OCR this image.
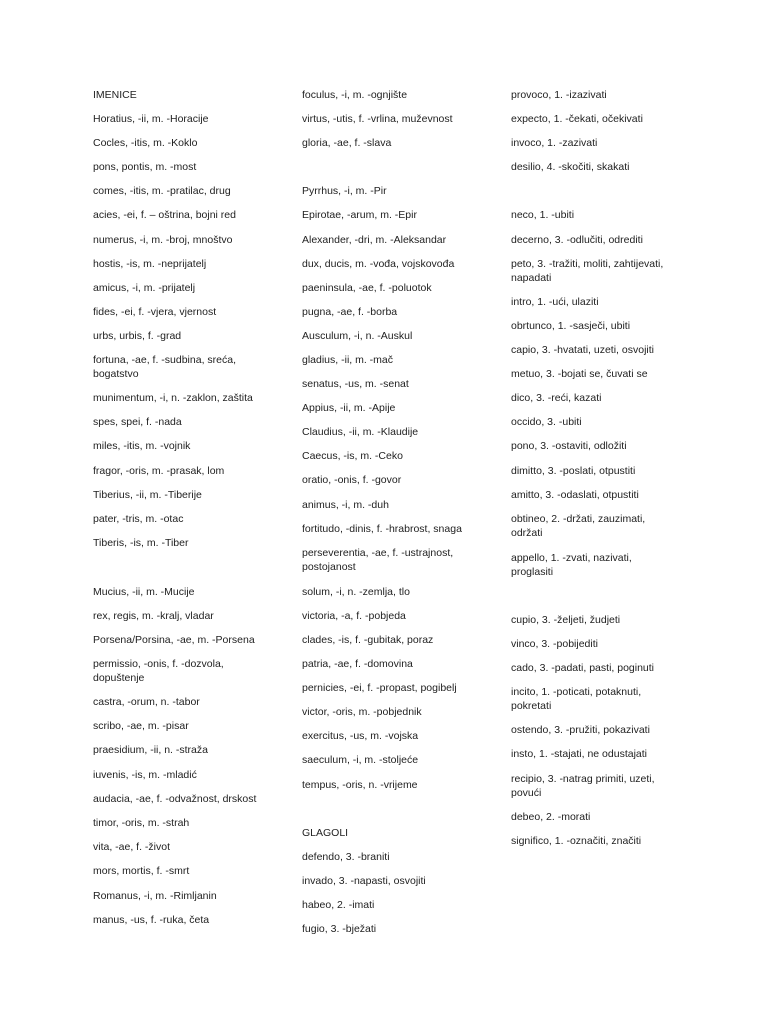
IMENICE
Horatius, -ii, m. -Horacije
Cocles, -itis, m. -Koklo
pons, pontis, m. -most
comes, -itis, m. -pratilac, drug
acies, -ei, f. – oštrina, bojni red
numerus, -i, m. -broj, mnoštvo
hostis, -is, m. -neprijatelj
amicus, -i, m. -prijatelj
fides, -ei, f. -vjera, vjernost
urbs, urbis, f. -grad
fortuna, -ae, f. -sudbina, sreća,
bogatstvo
munimentum, -i, n. -zaklon, zaštita
spes, spei, f. -nada
miles, -itis, m. -vojnik
fragor, -oris, m. -prasak, lom
Tiberius, -ii, m. -Tiberije
pater, -tris, m. -otac
Tiberis, -is, m. -Tiber
Mucius, -ii, m. -Mucije
rex, regis, m. -kralj, vladar
Porsena/Porsina, -ae, m. -Porsena
permissio, -onis, f. -dozvola,
dopuštenje
castra, -orum, n. -tabor
scribo, -ae, m. -pisar
praesidium, -ii, n. -straža
iuvenis, -is, m. -mladić
audacia, -ae, f. -odvažnost, drskost
timor, -oris, m. -strah
vita, -ae, f. -život
mors, mortis, f. -smrt
Romanus, -i, m. -Rimljanin
manus, -us, f. -ruka, četa
foculus, -i, m. -ognjište
virtus, -utis, f. -vrlina, muževnost
gloria, -ae, f. -slava
Pyrrhus, -i, m. -Pir
Epirotae, -arum, m. -Epir
Alexander, -dri, m. -Aleksandar
dux, ducis, m. -vođa, vojskovođa
paeninsula, -ae, f. -poluotok
pugna, -ae, f. -borba
Ausculum, -i, n. -Auskul
gladius, -ii, m. -mač
senatus, -us, m. -senat
Appius, -ii, m. -Apije
Claudius, -ii, m. -Klaudije
Caecus, -is, m. -Ceko
oratio, -onis, f. -govor
animus, -i, m. -duh
fortitudo, -dinis, f. -hrabrost, snaga
perseverentia, -ae, f. -ustrajnost,
postojanost
solum, -i, n. -zemlja, tlo
victoria, -a, f. -pobjeda
clades, -is, f. -gubitak, poraz
patria, -ae, f. -domovina
pernicies, -ei, f. -propast, pogibelj
victor, -oris, m. -pobjednik
exercitus, -us, m. -vojska
saeculum, -i, m. -stoljeće
tempus, -oris, n. -vrijeme
GLAGOLI
defendo, 3. -braniti
invado, 3. -napasti, osvojiti
habeo, 2. -imati
fugio, 3. -bježati
provoco, 1. -izazivati
expecto, 1. -čekati, očekivati
invoco, 1. -zazivati
desilio, 4. -skočiti, skakati
neco, 1. -ubiti
decerno, 3. -odlučiti, odrediti
peto, 3. -tražiti, moliti, zahtijevati,
napadati
intro, 1. -ući, ulaziti
obrtunco, 1. -sasječi, ubiti
capio, 3. -hvatati, uzeti, osvojiti
metuo, 3. -bojati se, čuvati se
dico, 3. -reći, kazati
occido, 3. -ubiti
pono, 3. -ostaviti, odložiti
dimitto, 3. -poslati, otpustiti
amitto, 3. -odaslati, otpustiti
obtineo, 2. -držati, zauzimati,
održati
appello, 1. -zvati, nazivati,
proglasiti
cupio, 3. -željeti, žudjeti
vinco, 3. -pobijediti
cado, 3. -padati, pasti, poginuti
incito, 1. -poticati, potaknuti,
pokretati
ostendo, 3. -pružiti, pokazivati
insto, 1. -stajati, ne odustajati
recipio, 3. -natrag primiti, uzeti,
povući
debeo, 2. -morati
significo, 1. -označiti, značiti
